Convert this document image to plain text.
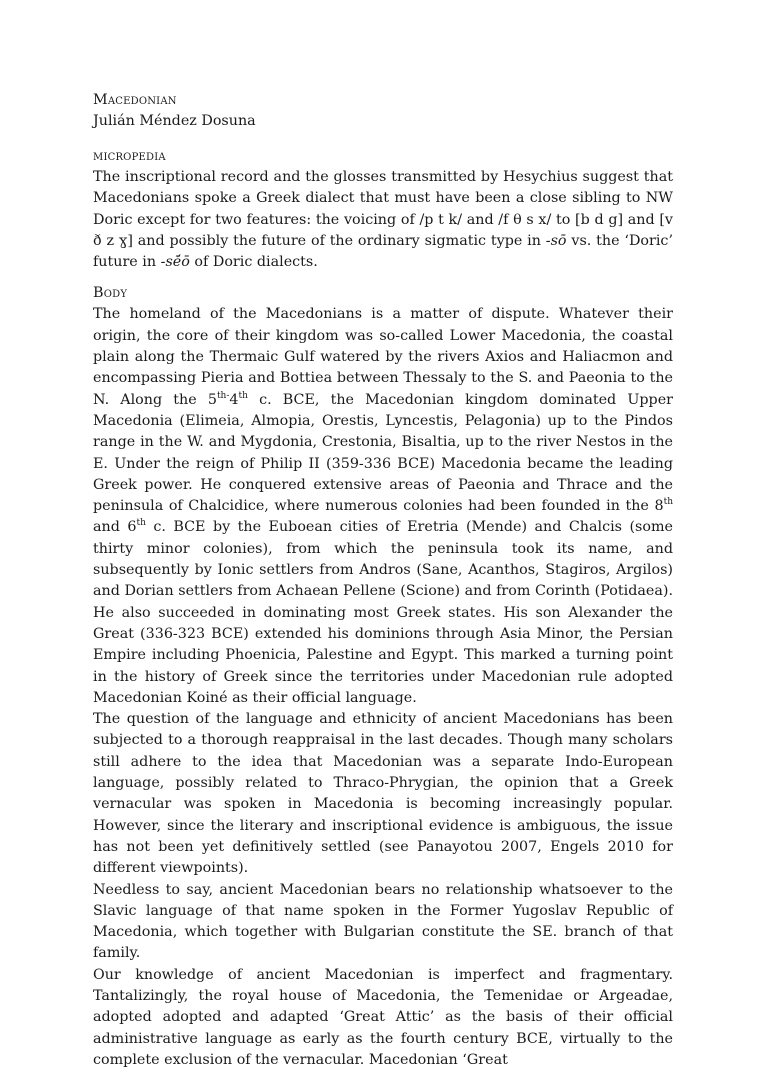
Macedonian
Julián Méndez Dosuna
micropedia

The inscriptional record and the glosses transmitted by Hesychius suggest that Macedonians spoke a Greek dialect that must have been a close sibling to NW Doric except for two features: the voicing of /p t k/ and /f θ s x/ to [b d g] and [v ð z ɣ] and possibly the future of the ordinary sigmatic type in -sō vs. the ‘Doric’ future in -sé̄ō of Doric dialects.

Body

The homeland of the Macedonians is a matter of dispute. Whatever their origin, the core of their kingdom was so-called Lower Macedonia, the coastal plain along the Thermaic Gulf watered by the rivers Axios and Haliacmon and encompassing Pieria and Bottiea between Thessaly to the S. and Paeonia to the N. Along the $5^{th-}4th$ c. BCE, the Macedonian kingdom dominated Upper Macedonia (Elimeia, Almopia, Orestis, Lyncestis, Pelagonia) up to the Pindos range in the W. and Mygdonia, Crestonia, Bisaltia, up to the river Nestos in the E. Under the reign of Philip II (359-336 BCE) Macedonia became the leading Greek power. He conquered extensive areas of Paeonia and Thrace and the peninsula of Chalcidice, where numerous colonies had been founded in the 8th and 6th c. BCE by the Euboean cities of Eretria (Mende) and Chalcis (some thirty minor colonies), from which the peninsula took its name, and subsequently by Ionic settlers from Andros (Sane, Acanthos, Stagiros, Argilos) and Dorian settlers from Achaean Pellene (Scione) and from Corinth (Potidaea). He also succeeded in dominating most Greek states. His son Alexander the Great (336-323 BCE) extended his dominions through Asia Minor, the Persian Empire including Phoenicia, Palestine and Egypt. This marked a turning point in the history of Greek since the territories under Macedonian rule adopted Macedonian Koiné as their official language.

The question of the language and ethnicity of ancient Macedonians has been subjected to a thorough reappraisal in the last decades. Though many scholars still adhere to the idea that Macedonian was a separate Indo-European language, possibly related to Thraco-Phrygian, the opinion that a Greek vernacular was spoken in Macedonia is becoming increasingly popular. However, since the literary and inscriptional evidence is ambiguous, the issue has not been yet definitively settled (see Panayotou 2007, Engels 2010 for different viewpoints).

Needless to say, ancient Macedonian bears no relationship whatsoever to the Slavic language of that name spoken in the Former Yugoslav Republic of Macedonia, which together with Bulgarian constitute the SE. branch of that family.

Our knowledge of ancient Macedonian is imperfect and fragmentary. Tantalizingly, the royal house of Macedonia, the Temenidae or Argeadae, adopted adopted and adapted ‘Great Attic’ as the basis of their official administrative language as early as the fourth century BCE, virtually to the complete exclusion of the vernacular. Macedonian ‘Great
